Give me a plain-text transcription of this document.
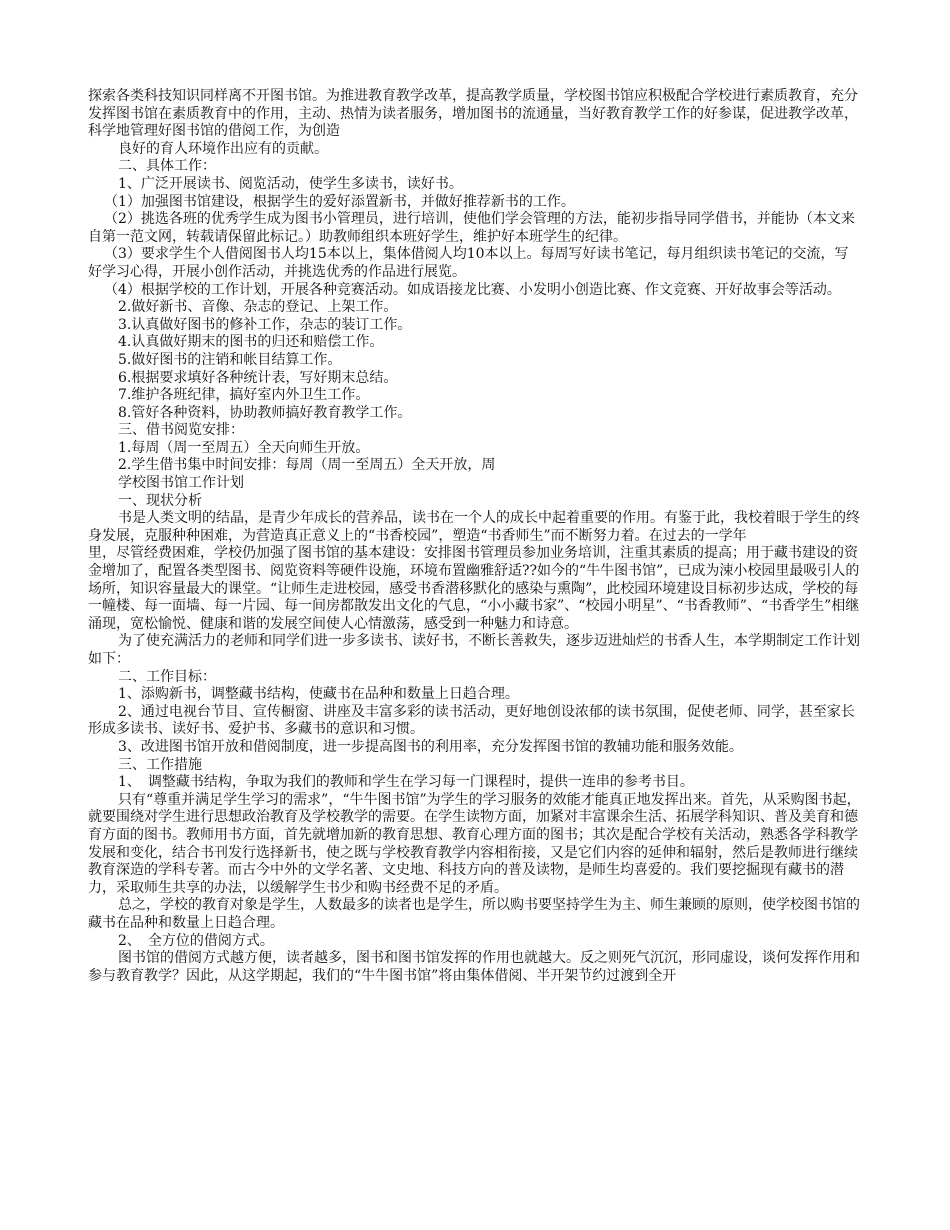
探索各类科技知识同样离不开图书馆。为推进教育教学改革，提高教学质量，学校图书馆应积极配合学校进行素质教育，充分发挥图书馆在素质教育中的作用，主动、热情为读者服务，增加图书的流通量，当好教育教学工作的好参谋，促进教学改革，科学地管理好图书馆的借阅工作，为创造

良好的育人环境作出应有的贡献。

二、具体工作：

1、广泛开展读书、阅览活动，使学生多读书，读好书。

（1）加强图书馆建设，根据学生的爱好添置新书，并做好推荐新书的工作。

（2）挑选各班的优秀学生成为图书小管理员，进行培训，使他们学会管理的方法，能初步指导同学借书，并能协（本文来自第一范文网，转载请保留此标记。）助教师组织本班好学生，维护好本班学生的纪律。

（3）要求学生个人借阅图书人均15本以上，集体借阅人均10本以上。每周写好读书笔记，每月组织读书笔记的交流，写好学习心得，开展小创作活动，并挑选优秀的作品进行展览。

（4）根据学校的工作计划，开展各种竞赛活动。如成语接龙比赛、小发明小创造比赛、作文竞赛、开好故事会等活动。

2.做好新书、音像、杂志的登记、上架工作。

3.认真做好图书的修补工作，杂志的装订工作。

4.认真做好期末的图书的归还和赔偿工作。

5.做好图书的注销和帐目结算工作。

6.根据要求填好各种统计表，写好期末总结。

7.维护各班纪律，搞好室内外卫生工作。

8.管好各种资料，协助教师搞好教育教学工作。

三、借书阅览安排：

1.每周（周一至周五）全天向师生开放。

2.学生借书集中时间安排：每周（周一至周五）全天开放，周

学校图书馆工作计划

一、现状分析

书是人类文明的结晶，是青少年成长的营养品，读书在一个人的成长中起着重要的作用。有鉴于此，我校着眼于学生的终身发展，克服种种困难，为营造真正意义上的“书香校园”，塑造“书香师生”而不断努力着。在过去的一学年

里，尽管经费困难，学校仍加强了图书馆的基本建设：安排图书管理员参加业务培训，注重其素质的提高；用于藏书建设的资金增加了，配置各类型图书、阅览资料等硬件设施，环境布置幽雅舒适??如今的“牛牛图书馆”，已成为涑小校园里最吸引人的场所，知识容量最大的课堂。“让师生走进校园，感受书香潜移默化的感染与熏陶”，此校园环境建设目标初步达成，学校的每一幢楼、每一面墙、每一片园、每一间房都散发出文化的气息，“小小藏书家”、“校园小明星”、“书香教师”、“书香学生”相继涌现，宽松愉悦、健康和谐的发展空间使人心情激荡，感受到一种魅力和诗意。

为了使充满活力的老师和同学们进一步多读书、读好书，不断长善救失，逐步迈进灿烂的书香人生，本学期制定工作计划如下：

二、工作目标：

1、添购新书，调整藏书结构，使藏书在品种和数量上日趋合理。

2、通过电视台节目、宣传橱窗、讲座及丰富多彩的读书活动，更好地创设浓郁的读书氛围，促使老师、同学，甚至家长形成多读书、读好书、爱护书、多藏书的意识和习惯。

3、改进图书馆开放和借阅制度，进一步提高图书的利用率，充分发挥图书馆的教辅功能和服务效能。

三、工作措施

1、　调整藏书结构，争取为我们的教师和学生在学习每一门课程时，提供一连串的参考书目。

只有“尊重并满足学生学习的需求”，“牛牛图书馆”为学生的学习服务的效能才能真正地发挥出来。首先，从采购图书起，就要围绕对学生进行思想政治教育及学校教学的需要。在学生读物方面，加紧对丰富课余生活、拓展学科知识、普及美育和德育方面的图书。教师用书方面，首先就增加新的教育思想、教育心理方面的图书；其次是配合学校有关活动，熟悉各学科教学发展和变化，结合书刊发行选择新书，使之既与学校教育教学内容相衔接，又是它们内容的延伸和辐射，然后是教师进行继续教育深造的学科专著。而古今中外的文学名著、文史地、科技方向的普及读物，是师生均喜爱的。我们要挖掘现有藏书的潜力，采取师生共享的办法，以缓解学生书少和购书经费不足的矛盾。

总之，学校的教育对象是学生，人数最多的读者也是学生，所以购书要坚持学生为主、师生兼顾的原则，使学校图书馆的藏书在品种和数量上日趋合理。

2、　全方位的借阅方式。

图书馆的借阅方式越方便，读者越多，图书和图书馆发挥的作用也就越大。反之则死气沉沉，形同虚设，谈何发挥作用和参与教育教学？因此，从这学期起，我们的“牛牛图书馆”将由集体借阅、半开架节约过渡到全开
